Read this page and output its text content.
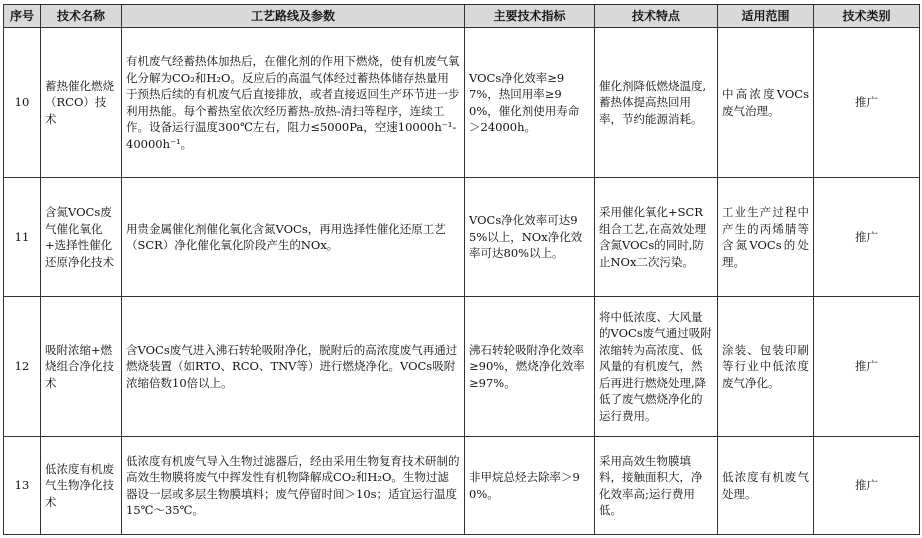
序号	技术名称	工艺路线及参数	主要技术指标	技术特点	适用范围	技术类别
10	蓄热催化燃烧（RCO）技术	有机废气经蓄热体加热后，在催化剂的作用下燃烧，使有机废气氧化分解为CO₂和H₂O。反应后的高温气体经过蓄热体储存热量用于预热后续的有机废气后直接排放，或者直接返回生产环节进一步利用热能。每个蓄热室依次经历蓄热-放热-清扫等程序，连续工作。设备运行温度300℃左右，阻力≤5000Pa，空速10000h⁻¹-40000h⁻¹。	VOCs净化效率≥97%，热回用率≥90%，催化剂使用寿命＞24000h。	催化剂降低燃烧温度,蓄热体提高热回用率，节约能源消耗。	中高浓度VOCs废气治理。	推广
11	含氮VOCs废气催化氧化+选择性催化还原净化技术	用贵金属催化剂催化氧化含氮VOCs，再用选择性催化还原工艺（SCR）净化催化氧化阶段产生的NOx。	VOCs净化效率可达95%以上，NOx净化效率可达80%以上。	采用催化氧化+SCR组合工艺,在高效处理含氮VOCs的同时,防止NOx二次污染。	工业生产过程中产生的丙烯腈等含氮VOCs的处理。	推广
12	吸附浓缩+燃烧组合净化技术	含VOCs废气进入沸石转轮吸附净化，脱附后的高浓度废气再通过燃烧装置（如RTO、RCO、TNV等）进行燃烧净化。VOCs吸附浓缩倍数10倍以上。	沸石转轮吸附净化效率≥90%，燃烧净化效率≥97%。	将中低浓度、大风量的VOCs废气通过吸附浓缩转为高浓度、低风量的有机废气，然后再进行燃烧处理,降低了废气燃烧净化的运行费用。	涂装、包装印刷等行业中低浓度废气净化。	推广
13	低浓度有机废气生物净化技术	低浓度有机废气导入生物过滤器后，经由采用生物复育技术研制的高效生物膜将废气中挥发性有机物降解成CO₂和H₂O。生物过滤器设一层或多层生物膜填料；废气停留时间＞10s；适宜运行温度15℃～35℃。	非甲烷总烃去除率＞90%。	采用高效生物膜填料，接触面积大，净化效率高;运行费用低。	低浓度有机废气处理。	推广
